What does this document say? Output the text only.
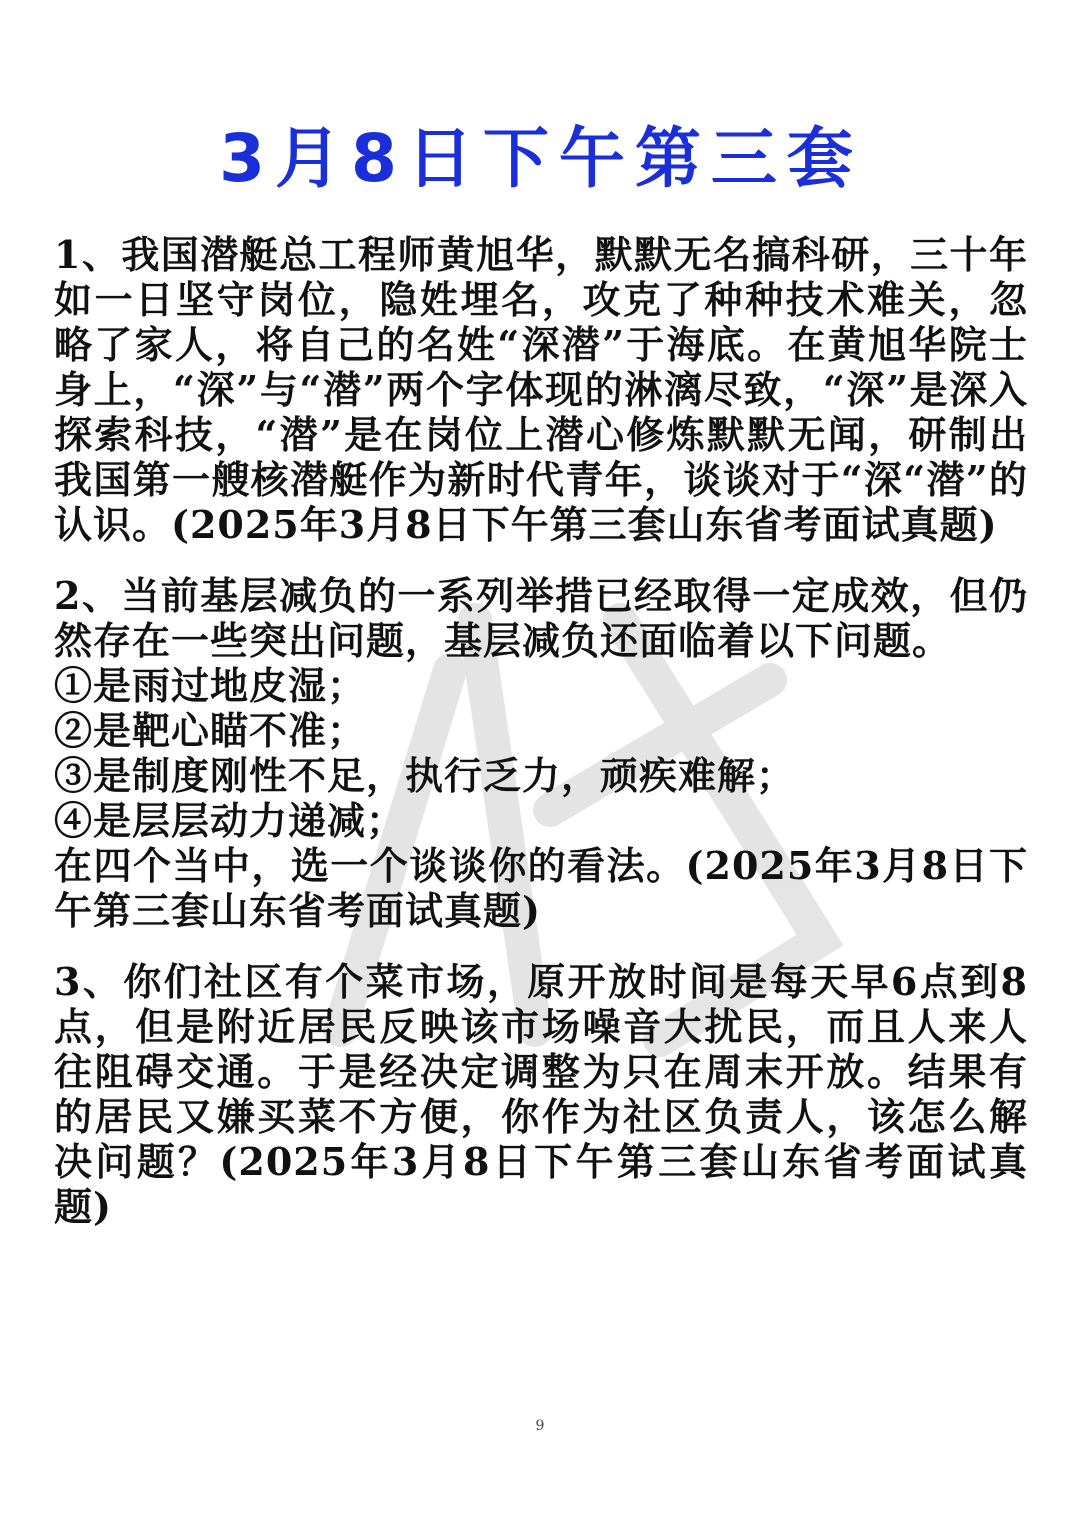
3月8日下午第三套

1、我国潜艇总工程师黄旭华，默默无名搞科研，三十年如一日坚守岗位，隐姓埋名，攻克了种种技术难关，忽略了家人，将自己的名姓“深潜”于海底。在黄旭华院士身上，“深”与“潜”两个字体现的淋漓尽致，“深”是深入探索科技，“潜”是在岗位上潜心修炼默默无闻，研制出我国第一艘核潜艇作为新时代青年，谈谈对于“深“潜”的认识。(2025年3月8日下午第三套山东省考面试真题)

2、当前基层减负的一系列举措已经取得一定成效，但仍然存在一些突出问题，基层减负还面临着以下问题。
①是雨过地皮湿；
②是靶心瞄不准；
③是制度刚性不足，执行乏力，顽疾难解；
④是层层动力递减；
在四个当中，选一个谈谈你的看法。(2025年3月8日下午第三套山东省考面试真题)

3、你们社区有个菜市场，原开放时间是每天早6点到8点，但是附近居民反映该市场噪音大扰民，而且人来人往阻碍交通。于是经决定调整为只在周末开放。结果有的居民又嫌买菜不方便，你作为社区负责人，该怎么解决问题？(2025年3月8日下午第三套山东省考面试真题)

9
